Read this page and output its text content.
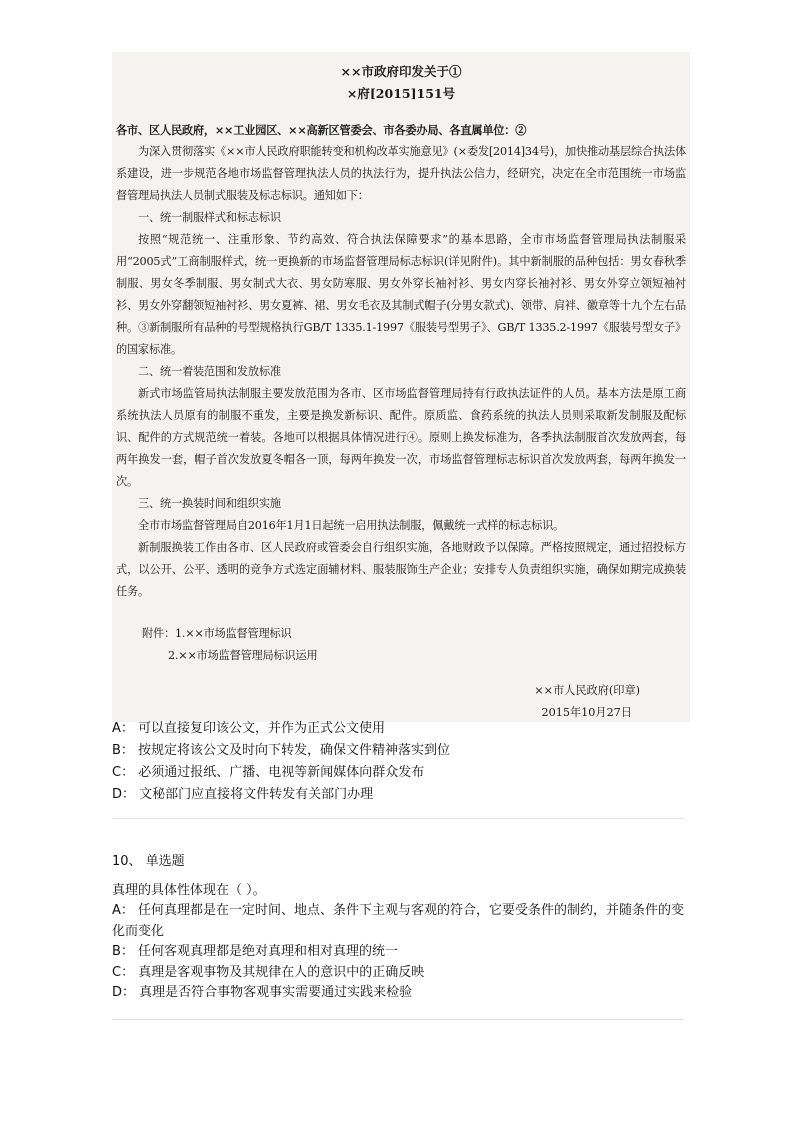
××市政府印发关于①

×府[2015]151号

各市、区人民政府，××工业园区、××高新区管委会、市各委办局、各直属单位：②

为深入贯彻落实《××市人民政府职能转变和机构改革实施意见》(×委发[2014]34号)，加快推动基层综合执法体系建设，进一步规范各地市场监督管理执法人员的执法行为，提升执法公信力，经研究，决定在全市范围统一市场监督管理局执法人员制式服装及标志标识。通知如下：

一、统一制服样式和标志标识

按照“规范统一、注重形象、节约高效、符合执法保障要求”的基本思路，全市市场监督管理局执法制服采用“2005式”工商制服样式，统一更换新的市场监督管理局标志标识(详见附件)。其中新制服的品种包括：男女春秋季制服、男女冬季制服、男女制式大衣、男女防寒服、男女外穿长袖衬衫、男女内穿长袖衬衫、男女外穿立领短袖衬衫、男女外穿翻领短袖衬衫、男女夏裤、裙、男女毛衣及其制式帽子(分男女款式)、领带、肩袢、徽章等十九个左右品种。③新制服所有品种的号型规格执行GB/T 1335.1-1997《服装号型男子》、GB/T 1335.2-1997《服装号型女子》的国家标准。

二、统一着装范围和发放标准

新式市场监管局执法制服主要发放范围为各市、区市场监督管理局持有行政执法证件的人员。基本方法是原工商系统执法人员原有的制服不重发，主要是换发新标识、配件。原质监、食药系统的执法人员则采取新发制服及配标识、配件的方式规范统一着装。各地可以根据具体情况进行④。原则上换发标准为，各季执法制服首次发放两套，每两年换发一套，帽子首次发放夏冬帽各一顶，每两年换发一次，市场监督管理标志标识首次发放两套，每两年换发一次。

三、统一换装时间和组织实施

全市市场监督管理局自2016年1月1日起统一启用执法制服，佩戴统一式样的标志标识。

新制服换装工作由各市、区人民政府或管委会自行组织实施，各地财政予以保障。严格按照规定，通过招投标方式，以公开、公平、透明的竞争方式选定面辅材料、服装服饰生产企业；安排专人负责组织实施，确保如期完成换装任务。

附件：1.××市场监督管理标识

2.××市场监督管理局标识运用

××市人民政府(印章)
2015年10月27日
A： 可以直接复印该公文，并作为正式公文使用
B： 按规定将该公文及时向下转发，确保文件精神落实到位
C： 必须通过报纸、广播、电视等新闻媒体向群众发布
D： 文秘部门应直接将文件转发有关部门办理
10、 单选题
真理的具体性体现在（ ）。
A： 任何真理都是在一定时间、地点、条件下主观与客观的符合，它要受条件的制约，并随条件的变化而变化
B： 任何客观真理都是绝对真理和相对真理的统一
C： 真理是客观事物及其规律在人的意识中的正确反映
D： 真理是否符合事物客观事实需要通过实践来检验
